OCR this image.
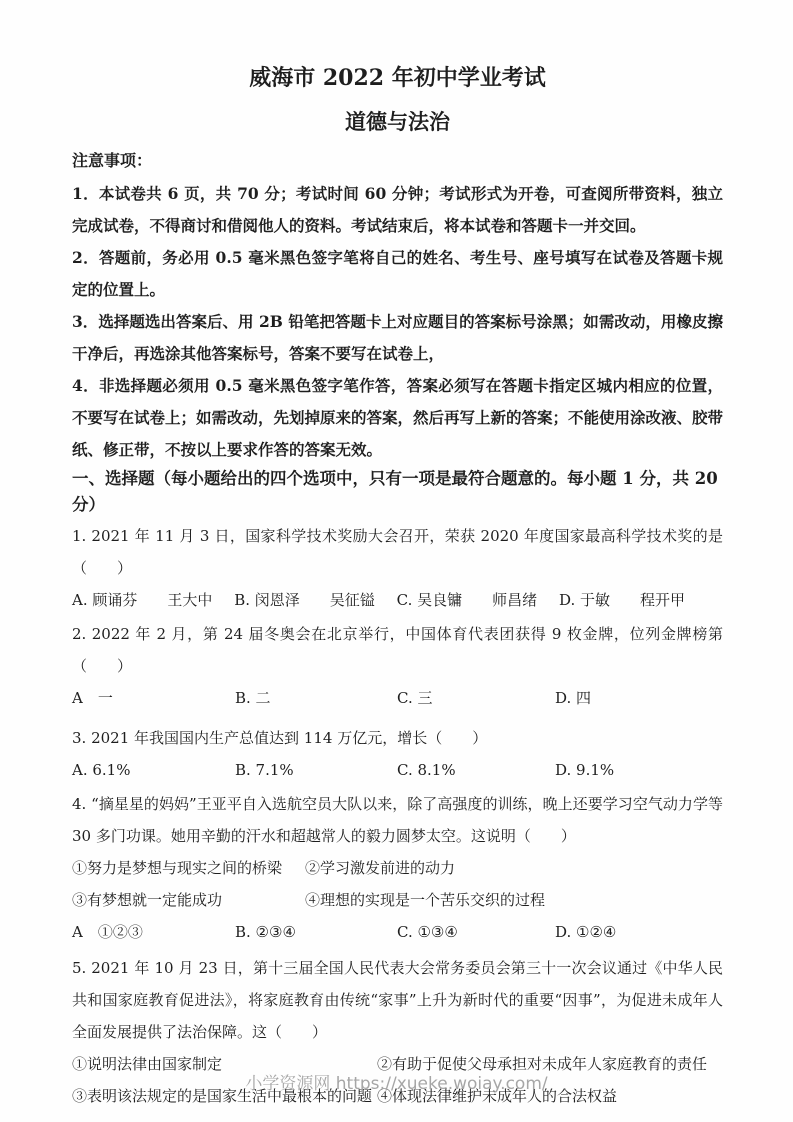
威海市 2022 年初中学业考试
道德与法治
注意事项：

1．本试卷共 6 页，共 70 分；考试时间 60 分钟；考试形式为开卷，可查阅所带资料，独立完成试卷，不得商讨和借阅他人的资料。考试结束后，将本试卷和答题卡一并交回。

2．答题前，务必用 0.5 毫米黑色签字笔将自己的姓名、考生号、座号填写在试卷及答题卡规定的位置上。

3．选择题选出答案后、用 2B 铅笔把答题卡上对应题目的答案标号涂黑；如需改动，用橡皮擦干净后，再选涂其他答案标号，答案不要写在试卷上，

4．非选择题必须用 0.5 毫米黑色签字笔作答，答案必须写在答题卡指定区城内相应的位置，不要写在试卷上；如需改动，先划掉原来的答案，然后再写上新的答案；不能使用涂改液、胶带纸、修正带，不按以上要求作答的答案无效。

一、选择题（每小题给出的四个选项中，只有一项是最符合题意的。每小题 1 分，共 20 分）

1. 2021 年 11 月 3 日，国家科学技术奖励大会召开，荣获 2020 年度国家最高科学技术奖的是（　　）

A. 顾诵芬　　王大中 B. 闵恩泽　　吴征镒 C. 吴良镛　　师昌绪 D. 于敏　　程开甲

2. 2022 年 2 月，第 24 届冬奥会在北京举行，中国体育代表团获得 9 枚金牌，位列金牌榜第（　　）

A　一	B. 二	C. 三	D. 四

3. 2021 年我国国内生产总值达到 114 万亿元，增长（　　）

A. 6.1%	B. 7.1%	C. 8.1%	D. 9.1%

4. “摘星星的妈妈”王亚平自入选航空员大队以来，除了高强度的训练，晚上还要学习空气动力学等 30 多门功课。她用辛勤的汗水和超越常人的毅力圆梦太空。这说明（　　）

①努力是梦想与现实之间的桥梁	②学习激发前进的动力
③有梦想就一定能成功	④理想的实现是一个苦乐交织的过程
A　①②③	B. ②③④	C. ①③④	D. ①②④

5. 2021 年 10 月 23 日，第十三届全国人民代表大会常务委员会第三十一次会议通过《中华人民共和国家庭教育促进法》，将家庭教育由传统“家事”上升为新时代的重要“因事”，为促进未成年人全面发展提供了法治保障。这（　　）

①说明法律由国家制定	②有助于促使父母承担对未成年人家庭教育的责任
③表明该法规定的是国家生活中最根本的问题 ④体现法律维护未成年人的合法权益
小学资源网 https://xueke.woiay.com/
